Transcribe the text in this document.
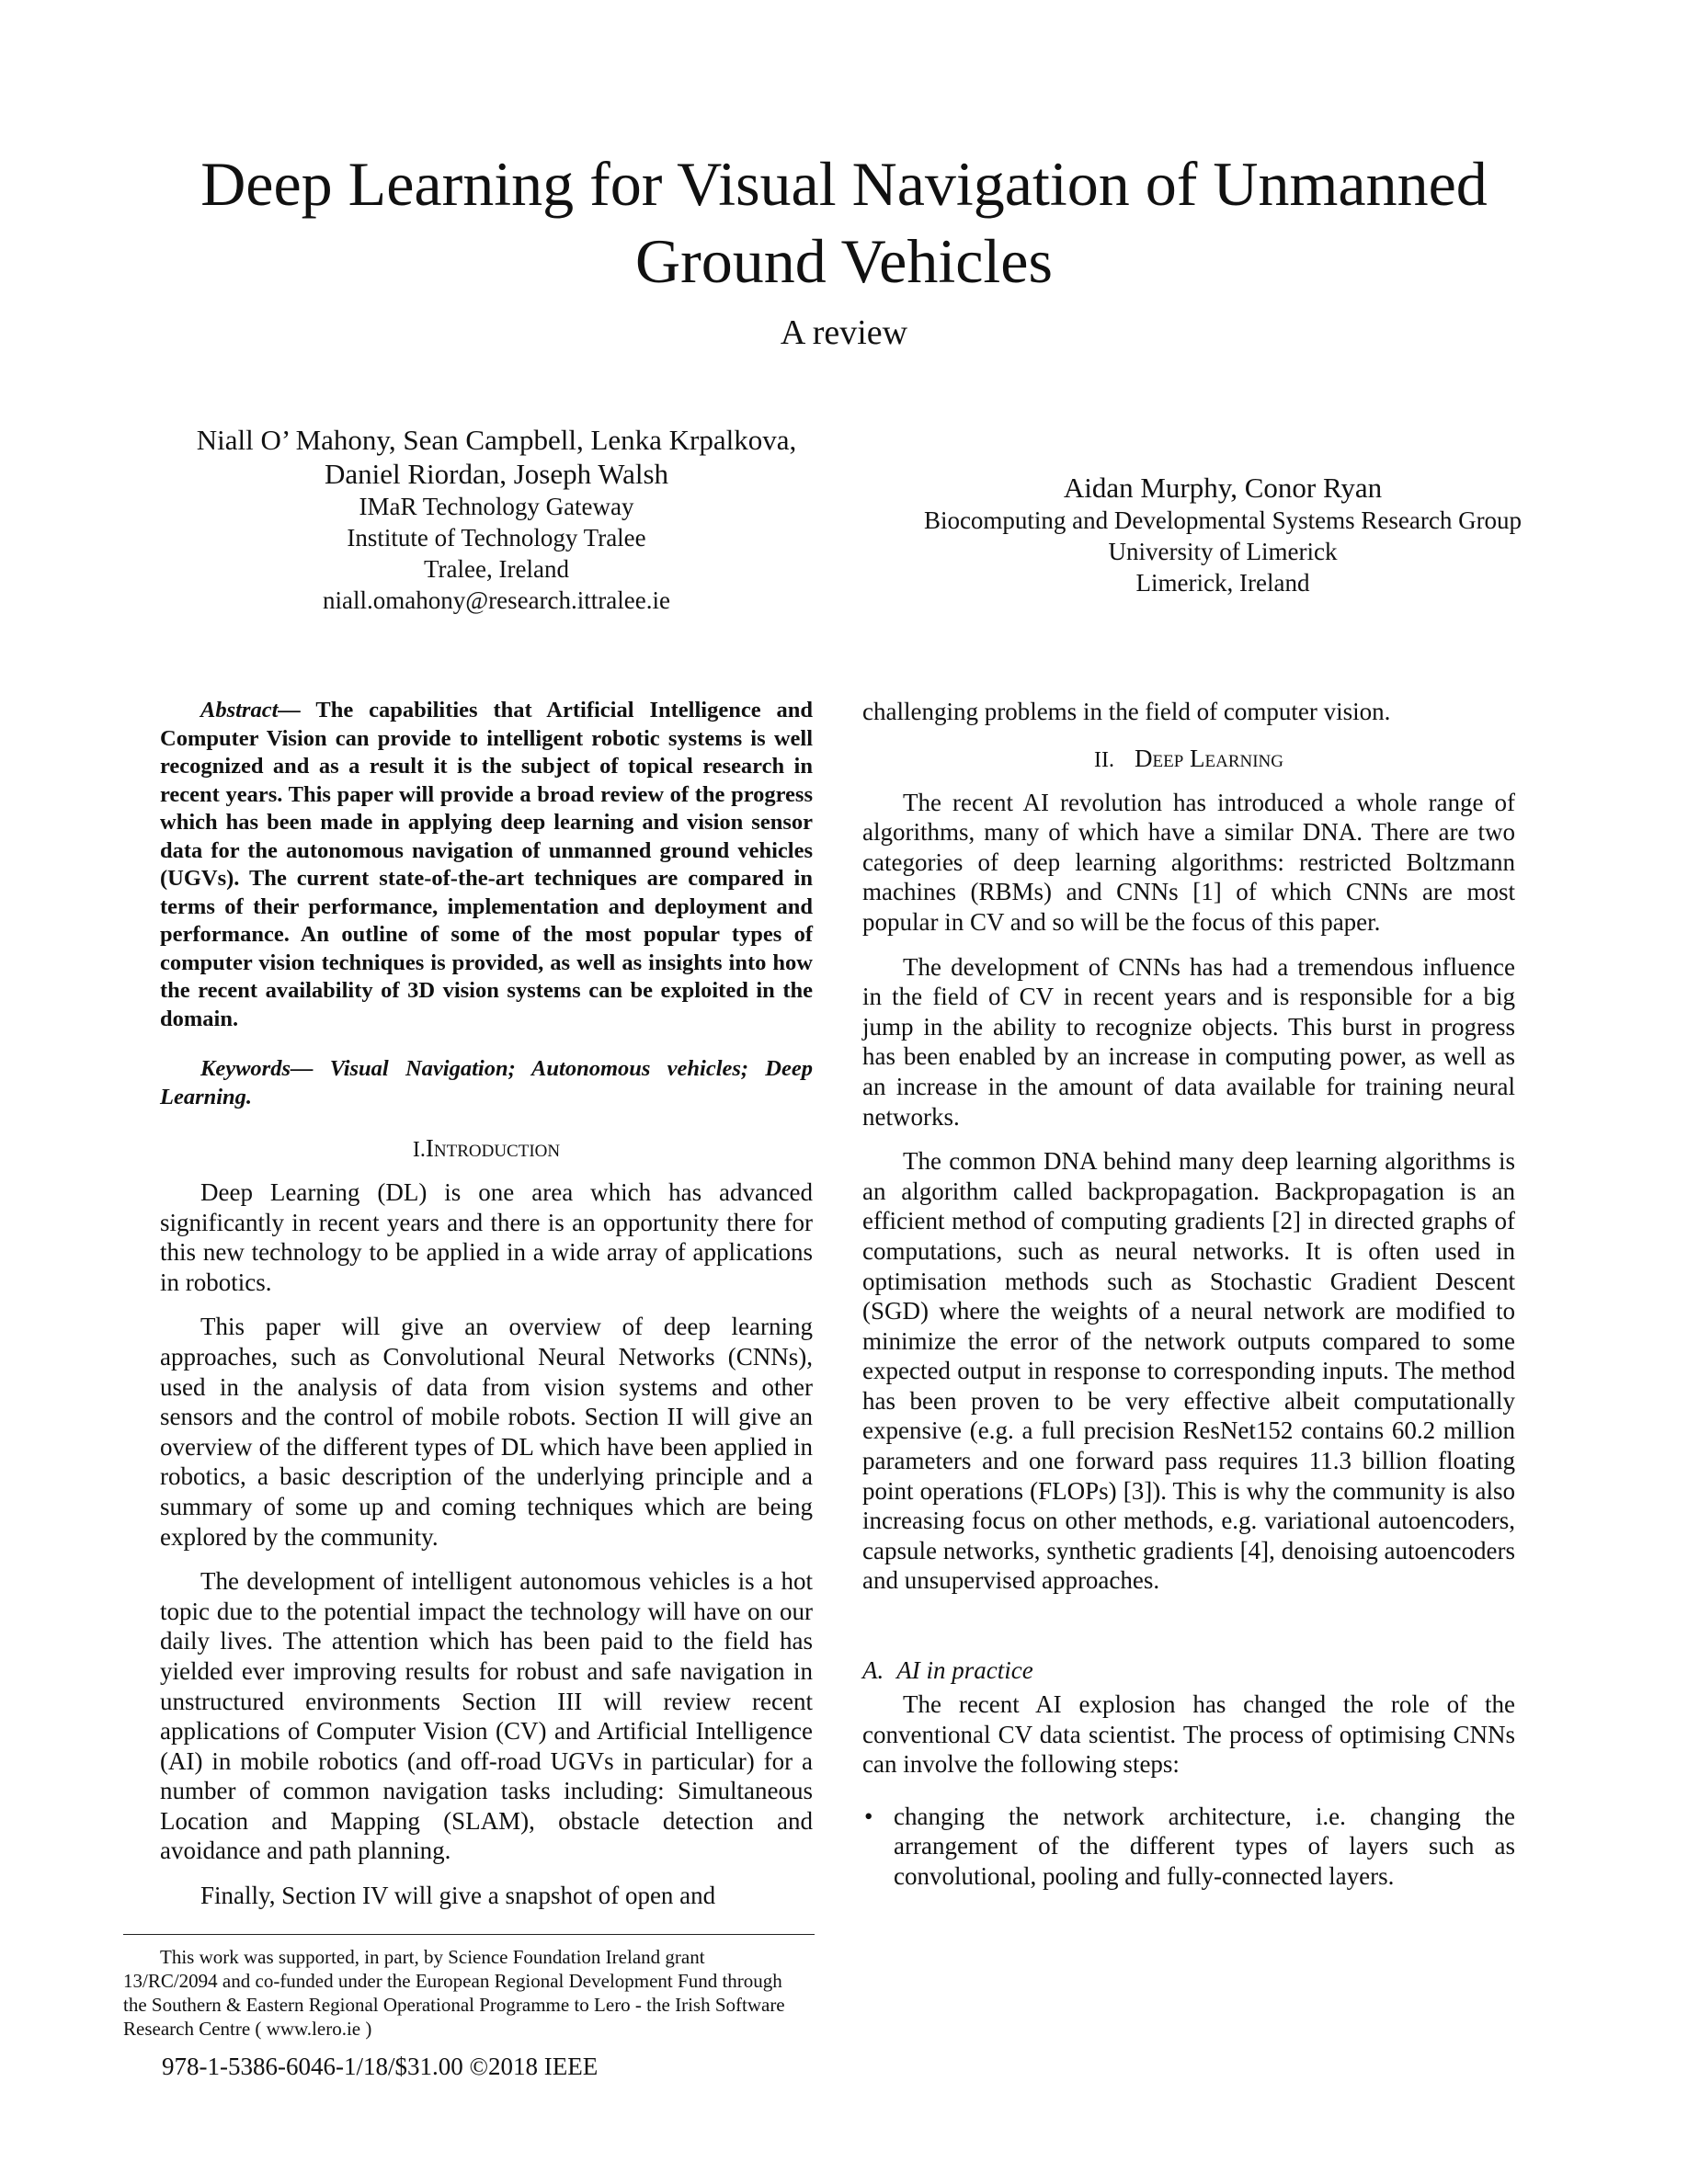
Deep Learning for Visual Navigation of Unmanned Ground Vehicles
A review
Niall O’ Mahony, Sean Campbell, Lenka Krpalkova,
Daniel Riordan, Joseph Walsh
IMaR Technology Gateway
Institute of Technology Tralee
Tralee, Ireland
niall.omahony@research.ittralee.ie
Aidan Murphy, Conor Ryan
Biocomputing and Developmental Systems Research Group
University of Limerick
Limerick, Ireland

Abstract— The capabilities that Artificial Intelligence and Computer Vision can provide to intelligent robotic systems is well recognized and as a result it is the subject of topical research in recent years. This paper will provide a broad review of the progress which has been made in applying deep learning and vision sensor data for the autonomous navigation of unmanned ground vehicles (UGVs). The current state-of-the-art techniques are compared in terms of their performance, implementation and deployment and performance. An outline of some of the most popular types of computer vision techniques is provided, as well as insights into how the recent availability of 3D vision systems can be exploited in the domain.

Keywords— Visual Navigation; Autonomous vehicles; Deep Learning.

I.Introduction

Deep Learning (DL) is one area which has advanced significantly in recent years and there is an opportunity there for this new technology to be applied in a wide array of applications in robotics.

This paper will give an overview of deep learning approaches, such as Convolutional Neural Networks (CNNs), used in the analysis of data from vision systems and other sensors and the control of mobile robots. Section II will give an overview of the different types of DL which have been applied in robotics, a basic description of the underlying principle and a summary of some up and coming techniques which are being explored by the community.

The development of intelligent autonomous vehicles is a hot topic due to the potential impact the technology will have on our daily lives. The attention which has been paid to the field has yielded ever improving results for robust and safe navigation in unstructured environments Section III will review recent applications of Computer Vision (CV) and Artificial Intelligence (AI) in mobile robotics (and off-road UGVs in particular) for a number of common navigation tasks including: Simultaneous Location and Mapping (SLAM), obstacle detection and avoidance and path planning.

Finally, Section IV will give a snapshot of open and

challenging problems in the field of computer vision.

II. Deep Learning

The recent AI revolution has introduced a whole range of algorithms, many of which have a similar DNA. There are two categories of deep learning algorithms: restricted Boltzmann machines (RBMs) and CNNs [1] of which CNNs are most popular in CV and so will be the focus of this paper.

The development of CNNs has had a tremendous influence in the field of CV in recent years and is responsible for a big jump in the ability to recognize objects. This burst in progress has been enabled by an increase in computing power, as well as an increase in the amount of data available for training neural networks.

The common DNA behind many deep learning algorithms is an algorithm called backpropagation. Backpropagation is an efficient method of computing gradients [2] in directed graphs of computations, such as neural networks. It is often used in optimisation methods such as Stochastic Gradient Descent (SGD) where the weights of a neural network are modified to minimize the error of the network outputs compared to some expected output in response to corresponding inputs. The method has been proven to be very effective albeit computationally expensive (e.g. a full precision ResNet152 contains 60.2 million parameters and one forward pass requires 11.3 billion floating point operations (FLOPs) [3]). This is why the community is also increasing focus on other methods, e.g. variational autoencoders, capsule networks, synthetic gradients [4], denoising autoencoders and unsupervised approaches.

A. AI in practice

The recent AI explosion has changed the role of the conventional CV data scientist. The process of optimising CNNs can involve the following steps:

• changing the network architecture, i.e. changing the arrangement of the different types of layers such as convolutional, pooling and fully-connected layers.

This work was supported, in part, by Science Foundation Ireland grant 13/RC/2094 and co-funded under the European Regional Development Fund through the Southern & Eastern Regional Operational Programme to Lero - the Irish Software Research Centre ( www.lero.ie )

978-1-5386-6046-1/18/$31.00 ©2018 IEEE
